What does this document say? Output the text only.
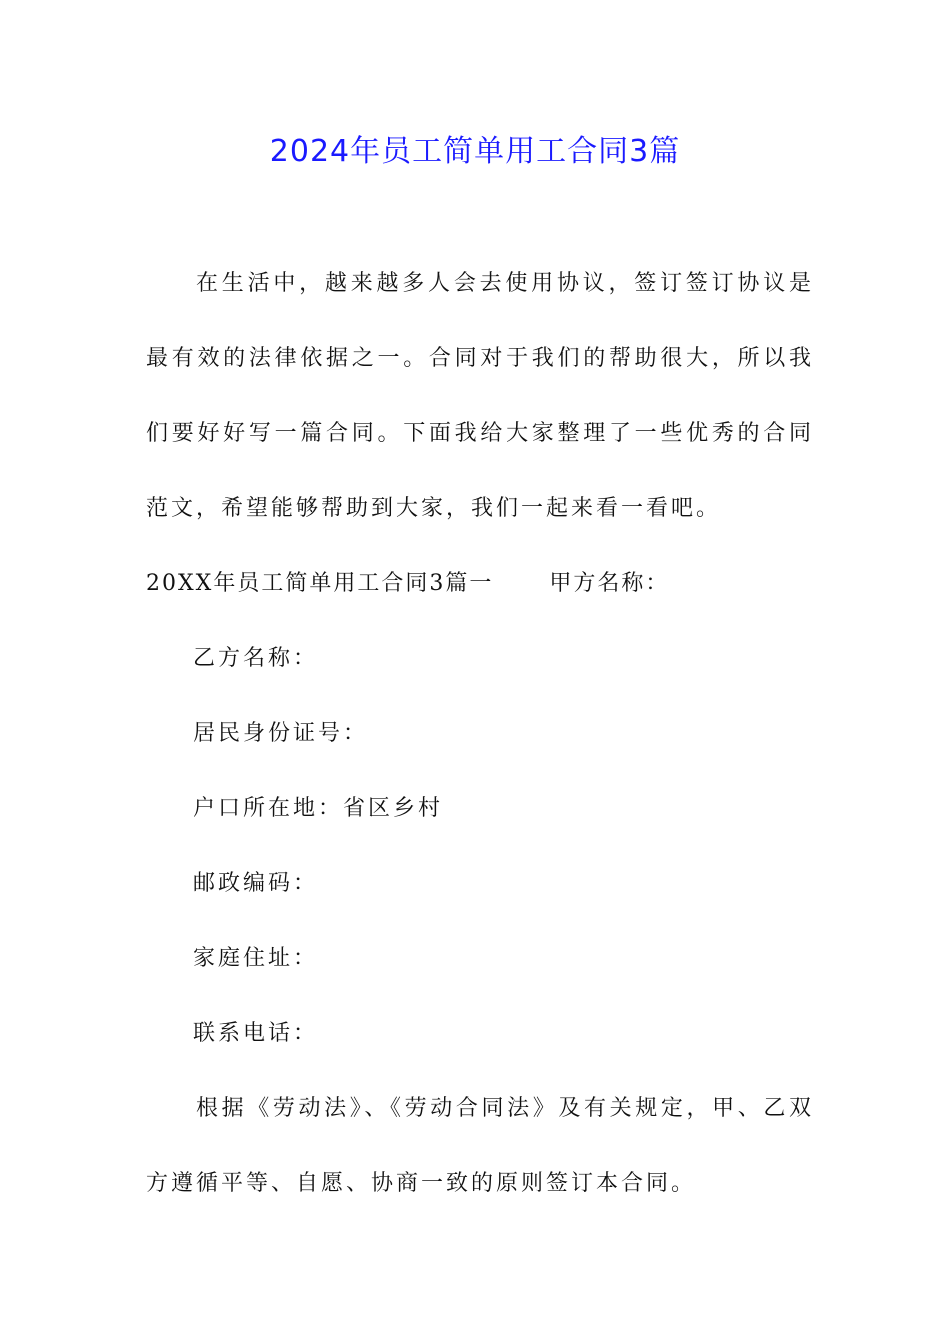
2024年员工简单用工合同3篇

在生活中，越来越多人会去使用协议，签订签订协议是最有效的法律依据之一。合同对于我们的帮助很大，所以我们要好好写一篇合同。下面我给大家整理了一些优秀的合同范文，希望能够帮助到大家，我们一起来看一看吧。

20XX年员工简单用工合同3篇一	甲方名称：
乙方名称：
居民身份证号：
户口所在地：省区乡村
邮政编码：
家庭住址：
联系电话：

根据《劳动法》、《劳动合同法》及有关规定，甲、乙双方遵循平等、自愿、协商一致的原则签订本合同。
